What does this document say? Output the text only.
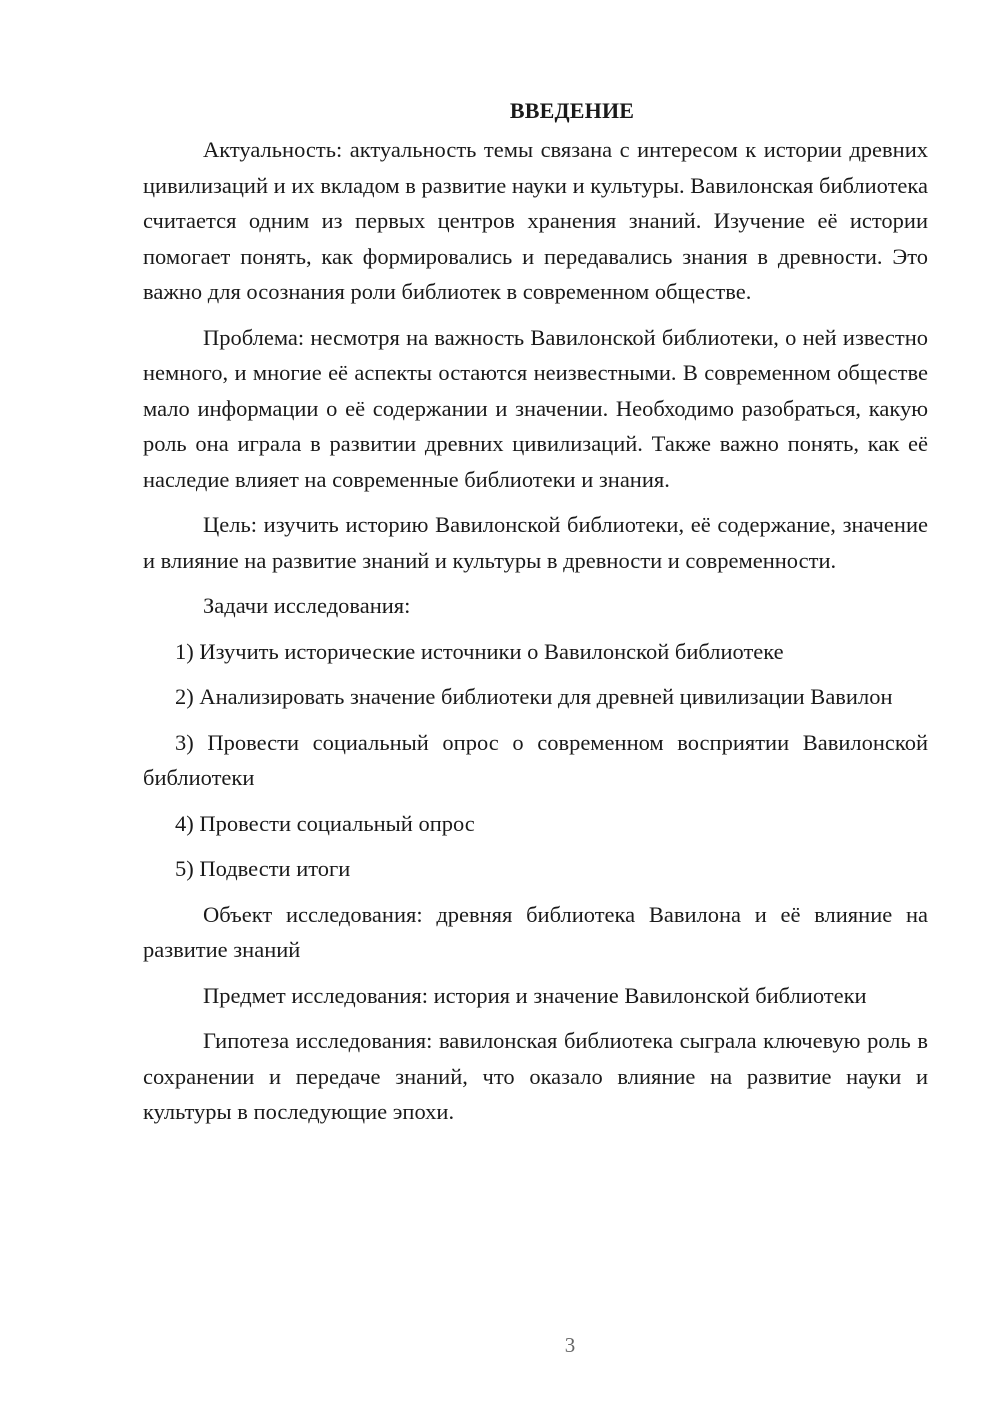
ВВЕДЕНИЕ

Актуальность: актуальность темы связана с интересом к истории древних цивилизаций и их вкладом в развитие науки и культуры. Вавилонская библиотека считается одним из первых центров хранения знаний. Изучение её истории помогает понять, как формировались и передавались знания в древности. Это важно для осознания роли библиотек в современном обществе.

Проблема: несмотря на важность Вавилонской библиотеки, о ней известно немного, и многие её аспекты остаются неизвестными. В современном обществе мало информации о её содержании и значении. Необходимо разобраться, какую роль она играла в развитии древних цивилизаций. Также важно понять, как её наследие влияет на современные библиотеки и знания.

Цель: изучить историю Вавилонской библиотеки, её содержание, значение и влияние на развитие знаний и культуры в древности и современности.

Задачи исследования:

1) Изучить исторические источники о Вавилонской библиотеке

2) Анализировать значение библиотеки для древней цивилизации Вавилон

3) Провести социальный опрос о современном восприятии Вавилонской библиотеки

4) Провести социальный опрос

5) Подвести итоги

Объект исследования: древняя библиотека Вавилона и её влияние на развитие знаний

Предмет исследования: история и значение Вавилонской библиотеки

Гипотеза исследования: вавилонская библиотека сыграла ключевую роль в сохранении и передаче знаний, что оказало влияние на развитие науки и культуры в последующие эпохи.

3
